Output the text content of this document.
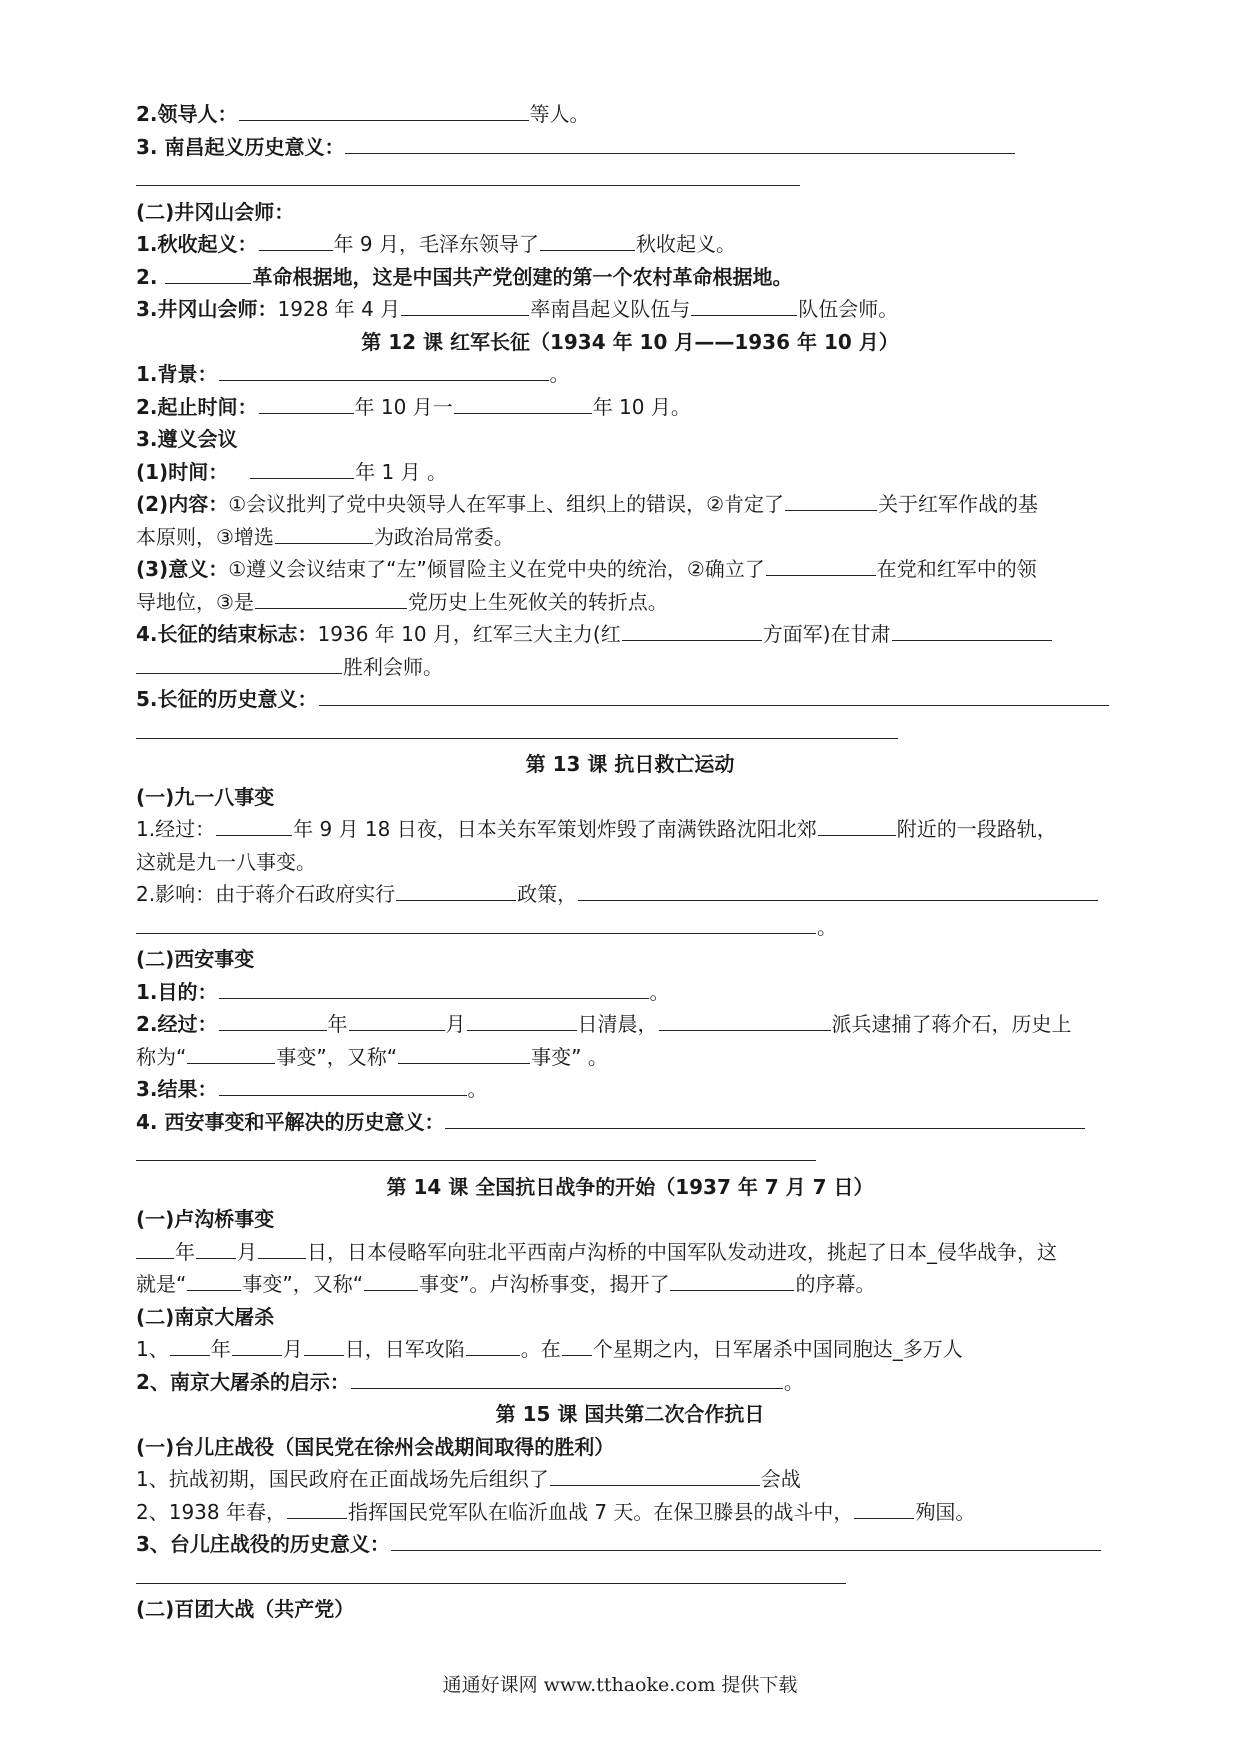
2.领导人：	等人。
3. 南昌起义历史意义：
(二)井冈山会师：
1.秋收起义：	年 9 月，毛泽东领导了	秋收起义。
2.	革命根据地，这是中国共产党创建的第一个农村革命根据地。
3.井冈山会师：1928 年 4 月	率南昌起义队伍与	队伍会师。
第 12 课 红军长征（1934 年 10 月——1936 年 10 月）
1.背景：	。
2.起止时间：	年 10 月一	年 10 月。
3.遵义会议
(1)时间：	年 1 月 。
(2)内容：①会议批判了党中央领导人在军事上、组织上的错误，②肯定了	关于红军作战的基
本原则，③增选	为政治局常委。
(3)意义：①遵义会议结束了“左”倾冒险主义在党中央的统治，②确立了	在党和红军中的领
导地位，③是	党历史上生死攸关的转折点。
4.长征的结束标志：1936 年 10 月，红军三大主力(红	方面军)在甘肃
胜利会师。
5.长征的历史意义：
第 13 课 抗日救亡运动
(一)九一八事变
1.经过：	年 9 月 18 日夜，日本关东军策划炸毁了南满铁路沈阳北郊	附近的一段路轨，
这就是九一八事变。
2.影响：由于蒋介石政府实行	政策，
。
(二)西安事变
1.目的：	。
2.经过：	年	月	日清晨，	派兵逮捕了蒋介石，历史上
称为“	事变”，又称“	事变” 。
3.结果：	。
4. 西安事变和平解决的历史意义：
第 14 课 全国抗日战争的开始（1937 年 7 月 7 日）
(一)卢沟桥事变
年 月	日，日本侵略军向驻北平西南卢沟桥的中国军队发动进攻，挑起了日本_侵华战争，这
就是“	事变”，又称“	事变”。卢沟桥事变，揭开了	的序幕。
(二)南京大屠杀
1、 年	月 日，日军攻陷	。在 个星期之内，日军屠杀中国同胞达_多万人
2、南京大屠杀的启示：	。
第 15 课 国共第二次合作抗日
(一)台儿庄战役（国民党在徐州会战期间取得的胜利）
1、抗战初期，国民政府在正面战场先后组织了	会战
2、1938 年春，	指挥国民党军队在临沂血战 7 天。在保卫滕县的战斗中，	殉国。
3、台儿庄战役的历史意义：
(二)百团大战（共产党）
通通好课网 www.tthaoke.com 提供下载
